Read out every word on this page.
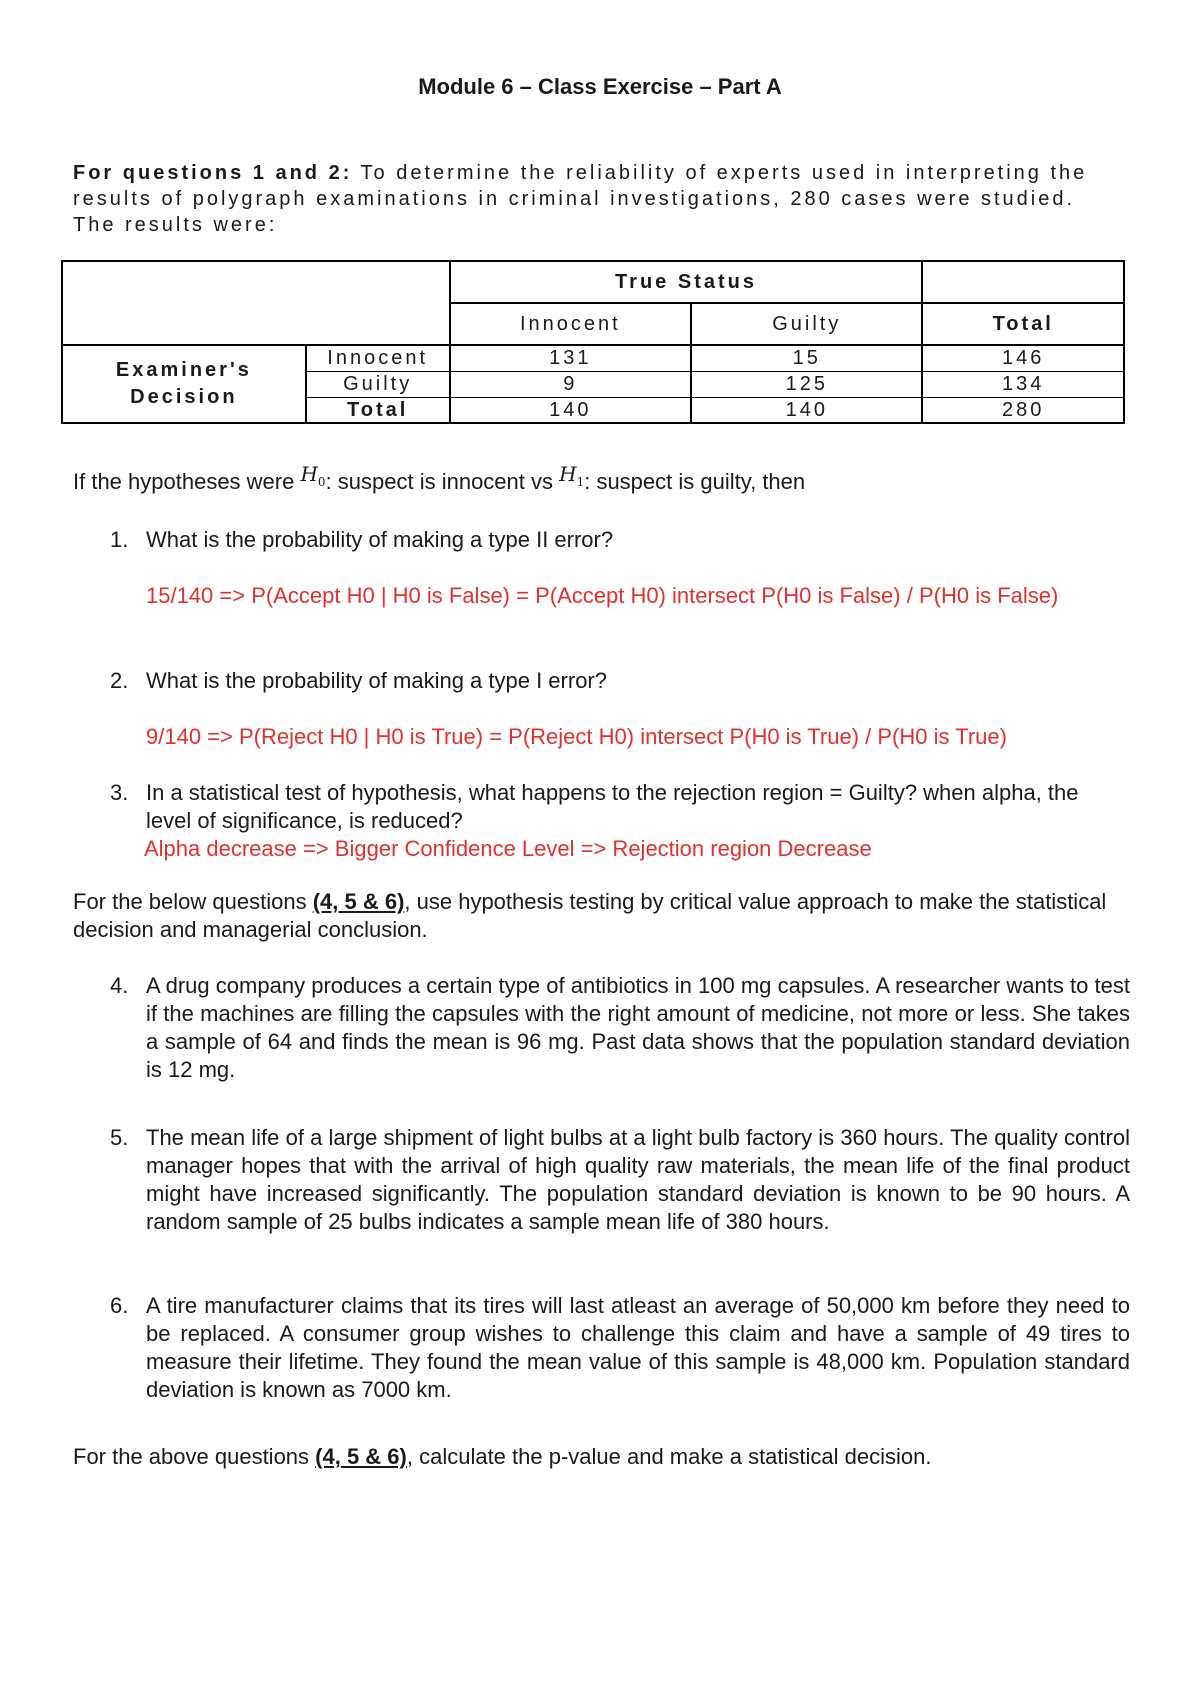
Module 6 – Class Exercise – Part A
For questions 1 and 2: To determine the reliability of experts used in interpreting the results of polygraph examinations in criminal investigations, 280 cases were studied. The results were:
		True Status		
		Innocent	Guilty	Total
Examiner's Decision	Innocent	131	15	146
	Guilty	9	125	134
	Total	140	140	280
If the hypotheses were $H_0$: suspect is innocent vs $H_1$: suspect is guilty, then
1. What is the probability of making a type II error?
15/140 => P(Accept H0 | H0 is False) = P(Accept H0) intersect P(H0 is False) / P(H0 is False)
2. What is the probability of making a type I error?
9/140 => P(Reject H0 | H0 is True) = P(Reject H0) intersect P(H0 is True) / P(H0 is True)
3. In a statistical test of hypothesis, what happens to the rejection region = Guilty? when alpha, the level of significance, is reduced?
Alpha decrease => Bigger Confidence Level => Rejection region Decrease
For the below questions (4, 5 & 6), use hypothesis testing by critical value approach to make the statistical decision and managerial conclusion.
4. A drug company produces a certain type of antibiotics in 100 mg capsules. A researcher wants to test if the machines are filling the capsules with the right amount of medicine, not more or less. She takes a sample of 64 and finds the mean is 96 mg. Past data shows that the population standard deviation is 12 mg.
5. The mean life of a large shipment of light bulbs at a light bulb factory is 360 hours. The quality control manager hopes that with the arrival of high quality raw materials, the mean life of the final product might have increased significantly. The population standard deviation is known to be 90 hours. A random sample of 25 bulbs indicates a sample mean life of 380 hours.
6. A tire manufacturer claims that its tires will last atleast an average of 50,000 km before they need to be replaced. A consumer group wishes to challenge this claim and have a sample of 49 tires to measure their lifetime. They found the mean value of this sample is 48,000 km. Population standard deviation is known as 7000 km.
For the above questions (4, 5 & 6), calculate the p-value and make a statistical decision.
